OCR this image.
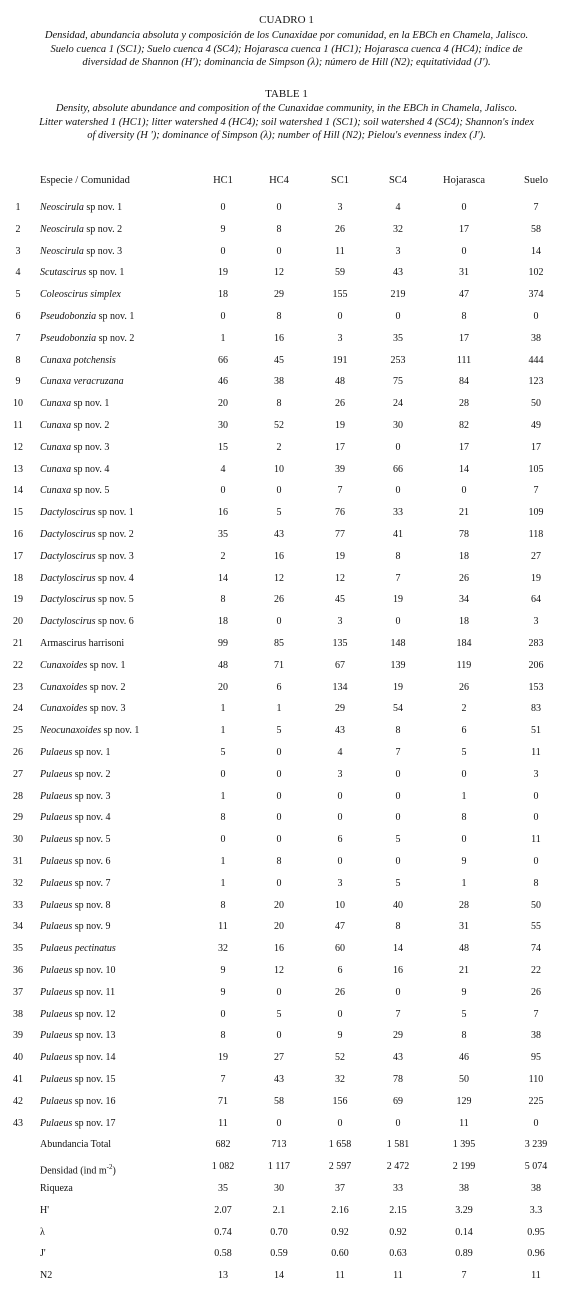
CUADRO 1
Densidad, abundancia absoluta y composición de los Cunaxidae por comunidad, en la EBCh en Chamela, Jalisco.
Suelo cuenca 1 (SC1); Suelo cuenca 4 (SC4); Hojarasca cuenca 1 (HC1); Hojarasca cuenca 4 (HC4); índice de
diversidad de Shannon (H'); dominancia de Simpson (λ); número de Hill (N2); equitatividad (J').
TABLE 1
Density, absolute abundance and composition of the Cunaxidae community, in the EBCh in Chamela, Jalisco.
Litter watershed 1 (HC1); litter watershed 4 (HC4); soil watershed 1 (SC1); soil watershed 4 (SC4); Shannon's index
of diversity (H '); dominance of Simpson (λ); number of Hill (N2); Pielou's evenness index (J').
Especie / Comunidad	HC1	HC4	SC1	SC4	Hojarasca	Suelo
1	Neoscirula sp nov. 1	0	0	3	4	0	7
2	Neoscirula sp nov. 2	9	8	26	32	17	58
3	Neoscirula sp nov. 3	0	0	11	3	0	14
4	Scutascirus sp nov. 1	19	12	59	43	31	102
5	Coleoscirus simplex	18	29	155	219	47	374
6	Pseudobonzia sp nov. 1	0	8	0	0	8	0
7	Pseudobonzia sp nov. 2	1	16	3	35	17	38
8	Cunaxa potchensis	66	45	191	253	111	444
9	Cunaxa veracruzana	46	38	48	75	84	123
10 Cunaxa sp nov. 1	20	8	26	24	28	50
11 Cunaxa sp nov. 2	30	52	19	30	82	49
12 Cunaxa sp nov. 3	15	2	17	0	17	17
13 Cunaxa sp nov. 4	4	10	39	66	14	105
14 Cunaxa sp nov. 5	0	0	7	0	0	7
15 Dactyloscirus sp nov. 1	16	5	76	33	21	109
16 Dactyloscirus sp nov. 2	35	43	77	41	78	118
17 Dactyloscirus sp nov. 3	2	16	19	8	18	27
18 Dactyloscirus sp nov. 4	14	12	12	7	26	19
19 Dactyloscirus sp nov. 5	8	26	45	19	34	64
20 Dactyloscirus sp nov. 6	18	0	3	0	18	3
21 Armascirus harrisoni	99	85	135	148	184	283
22 Cunaxoides sp nov. 1	48	71	67	139	119	206
23 Cunaxoides sp nov. 2	20	6	134	19	26	153
24 Cunaxoides sp nov. 3	1	1	29	54	2	83
25 Neocunaxoides sp nov. 1	1	5	43	8	6	51
26 Pulaeus sp nov. 1	5	0	4	7	5	11
27 Pulaeus sp nov. 2	0	0	3	0	0	3
28 Pulaeus sp nov. 3	1	0	0	0	1	0
29 Pulaeus sp nov. 4	8	0	0	0	8	0
30 Pulaeus sp nov. 5	0	0	6	5	0	11
31 Pulaeus sp nov. 6	1	8	0	0	9	0
32 Pulaeus sp nov. 7	1	0	3	5	1	8
33 Pulaeus sp nov. 8	8	20	10	40	28	50
34 Pulaeus sp nov. 9	11	20	47	8	31	55
35 Pulaeus pectinatus	32	16	60	14	48	74
36 Pulaeus sp nov. 10	9	12	6	16	21	22
37 Pulaeus sp nov. 11	9	0	26	0	9	26
38 Pulaeus sp nov. 12	0	5	0	7	5	7
39 Pulaeus sp nov. 13	8	0	9	29	8	38
40 Pulaeus sp nov. 14	19	27	52	43	46	95
41 Pulaeus sp nov. 15	7	43	32	78	50	110
42 Pulaeus sp nov. 16	71	58	156	69	129	225
43 Pulaeus sp nov. 17	11	0	0	0	11	0
Abundancia Total	682	713	1 658	1 581	1 395	3 239
Densidad (ind $m^{-2}$)	1 082	1 117	2 597	2 472	2 199	5 074
Riqueza	35	30	37	33	38	38
H'	2.07	2.1	2.16	2.15	3.29	3.3
λ	0.74	0.70	0.92	0.92	0.14	0.95
J'	0.58	0.59	0.60	0.63	0.89	0.96
N2	13	14	11	11	7	11
